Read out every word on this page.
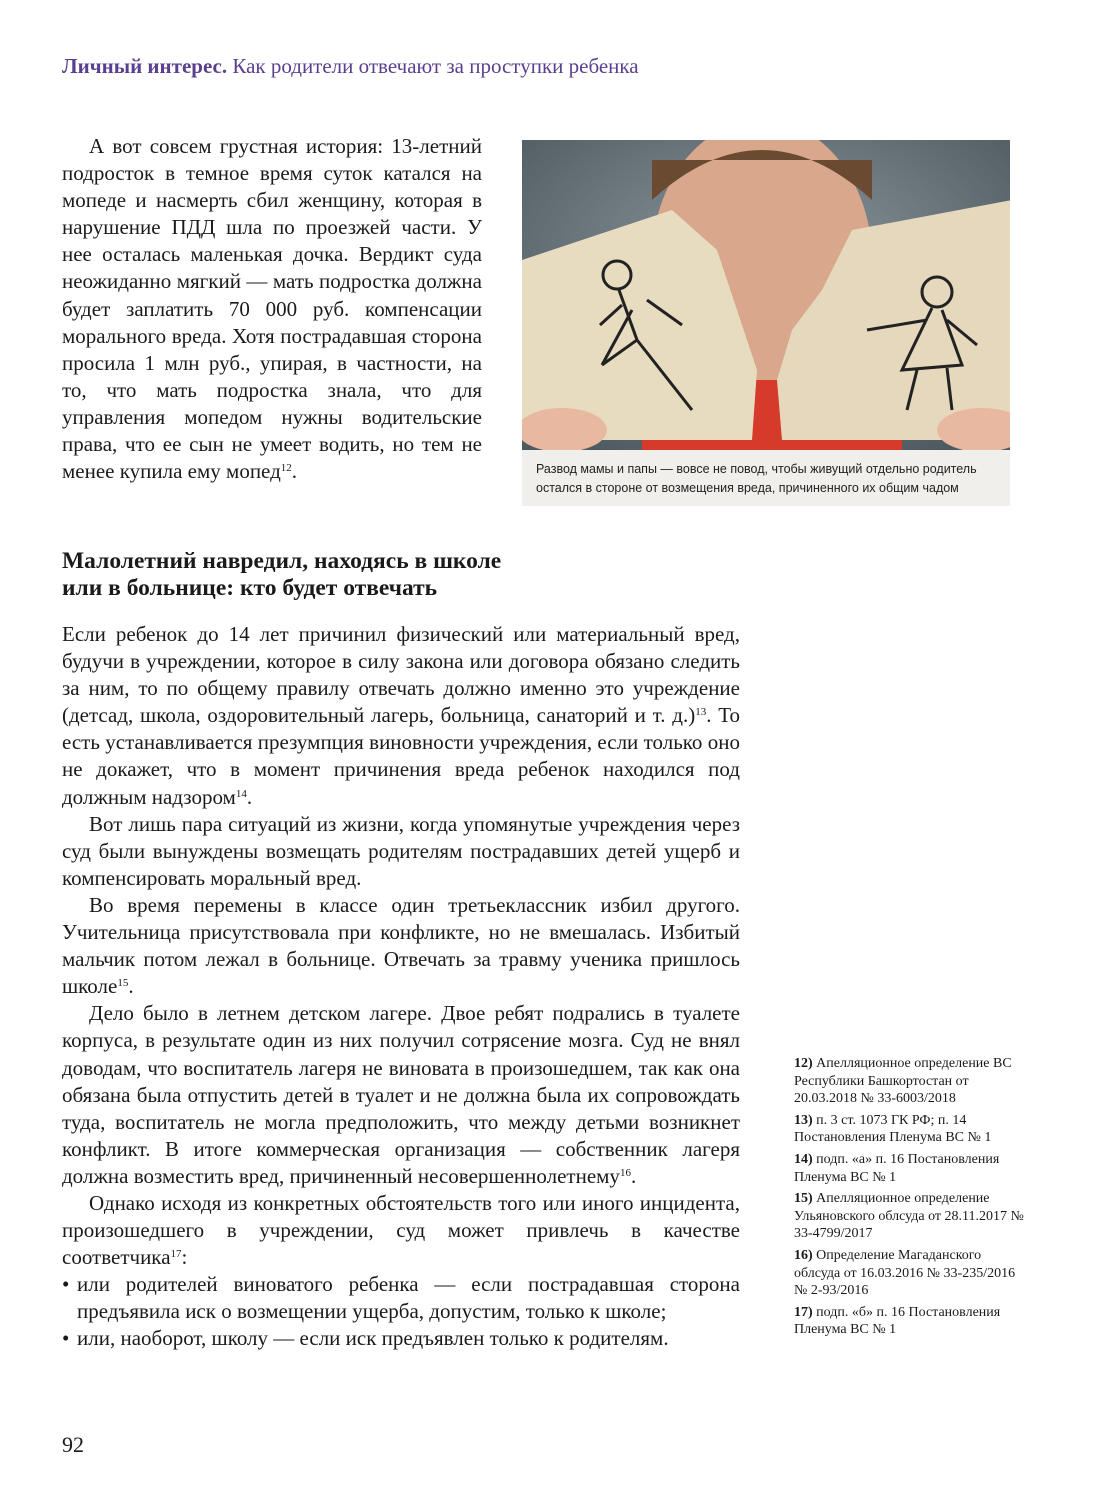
Личный интерес. Как родители отвечают за проступки ребенка

А вот совсем грустная история: 13-летний подросток в темное время суток катался на мопеде и насмерть сбил женщину, которая в нарушение ПДД шла по проезжей части. У нее осталась маленькая дочка. Вердикт суда неожиданно мягкий — мать подростка должна будет заплатить 70 000 руб. компенсации морального вреда. Хотя пострадавшая сторона просила 1 млн руб., упирая, в частности, на то, что мать подростка знала, что для управления мопедом нужны водительские права, что ее сын не умеет водить, но тем не менее купила ему мопед$^{12}$.	Развод мамы и папы — вовсе не повод, чтобы живущий отдельно родитель
остался в стороне от возмещения вреда, причиненного их общим чадом
Малолетний навредил, находясь в школе
или в больнице: кто будет отвечать

Если ребенок до 14 лет причинил физический или материальный вред, будучи в учреждении, которое в силу закона или договора обязано следить за ним, то по общему правилу отвечать должно именно это учреждение (детсад, школа, оздоровительный лагерь, больница, санаторий и т. д.)$^{13}$. То есть устанавливается презумпция виновности учреждения, если только оно не докажет, что в момент причинения вреда ребенок находился под должным надзором$^{14}$.

Вот лишь пара ситуаций из жизни, когда упомянутые учреждения через суд были вынуждены возмещать родителям пострадавших детей ущерб и компенсировать моральный вред.

Во время перемены в классе один третьеклассник избил другого. Учительница присутствовала при конфликте, но не вмешалась. Избитый мальчик потом лежал в больнице. Отвечать за травму ученика пришлось школе$^{15}$.

Дело было в летнем детском лагере. Двое ребят подрались в туалете корпуса, в результате один из них получил сотрясение мозга. Суд не внял доводам, что воспитатель лагеря не виновата в произошедшем, так как она обязана была отпустить детей в туалет и не должна была их сопровождать туда, воспитатель не могла предположить, что между детьми возникнет конфликт. В итоге коммерческая организация — собственник лагеря должна возместить вред, причиненный несовершеннолетнему$^{16}$.

Однако исходя из конкретных обстоятельств того или иного инцидента, произошедшего в учреждении, суд может привлечь в качестве соответчика$^{17}$:

• или родителей виноватого ребенка — если пострадавшая сторона предъявила иск о возмещении ущерба, допустим, только к школе;

• или, наоборот, школу — если иск предъявлен только к родителям.

12) Апелляционное определение ВС Республики Башкортостан от 20.03.2018 № 33-6003/2018
13) п. 3 ст. 1073 ГК РФ; п. 14 Постановления Пленума ВС № 1
14) подп. «а» п. 16 Постановления Пленума ВС № 1
15) Апелляционное определение Ульяновского облсуда от 28.11.2017 № 33-4799/2017
16) Определение Магаданского облсуда от 16.03.2016 № 33-235/2016 № 2-93/2016
17) подп. «б» п. 16 Постановления Пленума ВС № 1
92
